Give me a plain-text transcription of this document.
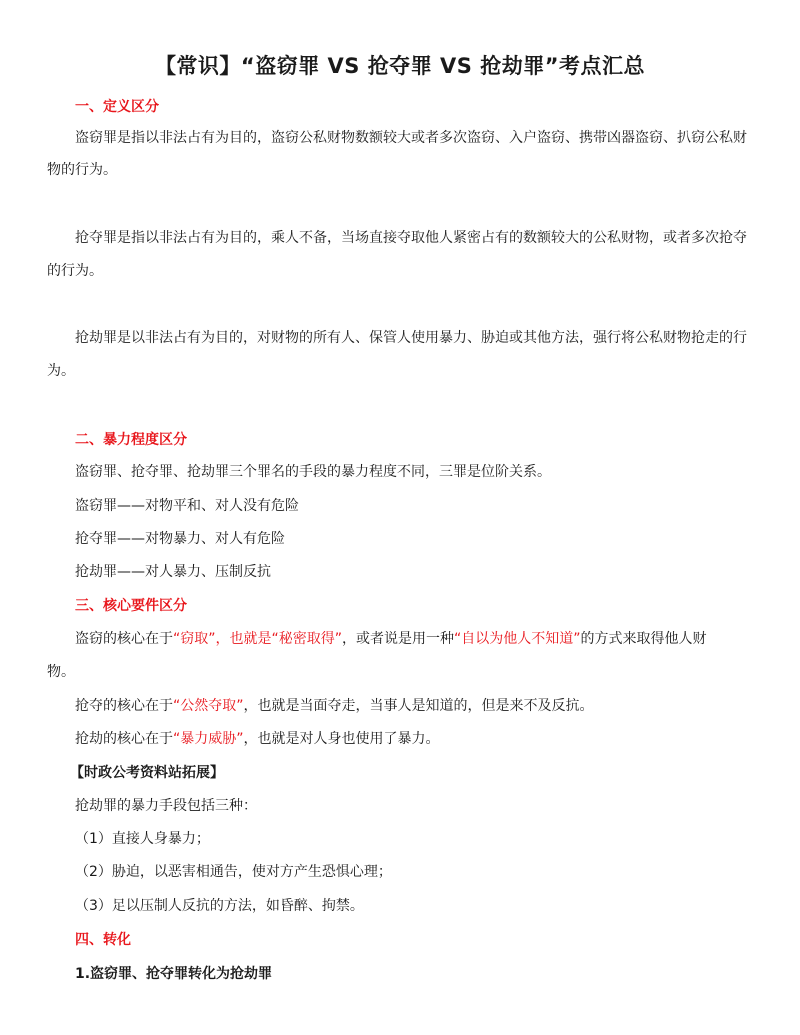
【常识】“盗窃罪 VS 抢夺罪 VS 抢劫罪”考点汇总
一、定义区分
盗窃罪是指以非法占有为目的，盗窃公私财物数额较大或者多次盗窃、入户盗窃、携带凶器盗窃、扒窃公私财
物的行为。
抢夺罪是指以非法占有为目的，乘人不备，当场直接夺取他人紧密占有的数额较大的公私财物，或者多次抢夺
的行为。
抢劫罪是以非法占有为目的，对财物的所有人、保管人使用暴力、胁迫或其他方法，强行将公私财物抢走的行
为。
二、暴力程度区分
盗窃罪、抢夺罪、抢劫罪三个罪名的手段的暴力程度不同，三罪是位阶关系。
盗窃罪——对物平和、对人没有危险
抢夺罪——对物暴力、对人有危险
抢劫罪——对人暴力、压制反抗
三、核心要件区分
盗窃的核心在于“窃取”，也就是“秘密取得”，或者说是用一种“自以为他人不知道”的方式来取得他人财
物。
抢夺的核心在于“公然夺取”，也就是当面夺走，当事人是知道的，但是来不及反抗。
抢劫的核心在于“暴力威胁”，也就是对人身也使用了暴力。
【时政公考资料站拓展】
抢劫罪的暴力手段包括三种：
（1）直接人身暴力；
（2）胁迫，以恶害相通告，使对方产生恐惧心理；
（3）足以压制人反抗的方法，如昏醉、拘禁。
四、转化
1.盗窃罪、抢夺罪转化为抢劫罪
